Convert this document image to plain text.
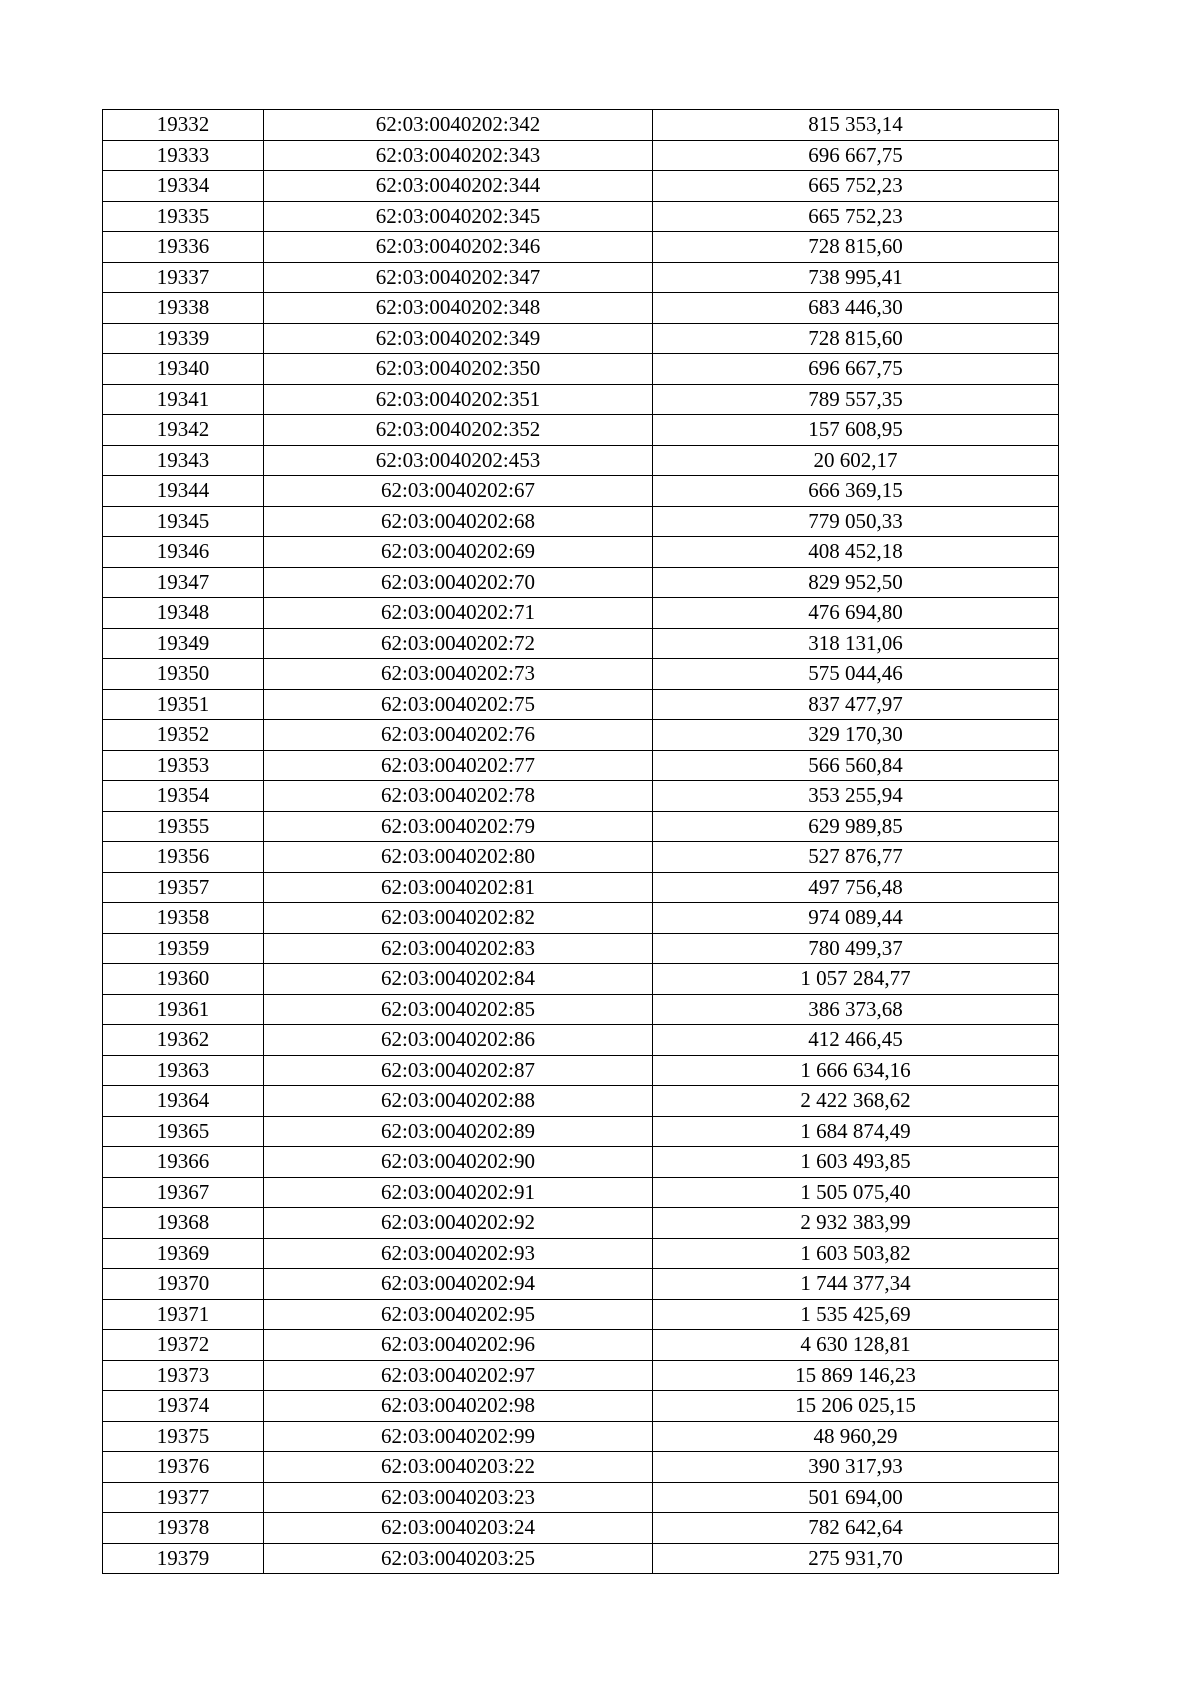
19332	62:03:0040202:342	815 353,14
19333	62:03:0040202:343	696 667,75
19334	62:03:0040202:344	665 752,23
19335	62:03:0040202:345	665 752,23
19336	62:03:0040202:346	728 815,60
19337	62:03:0040202:347	738 995,41
19338	62:03:0040202:348	683 446,30
19339	62:03:0040202:349	728 815,60
19340	62:03:0040202:350	696 667,75
19341	62:03:0040202:351	789 557,35
19342	62:03:0040202:352	157 608,95
19343	62:03:0040202:453	20 602,17
19344	62:03:0040202:67	666 369,15
19345	62:03:0040202:68	779 050,33
19346	62:03:0040202:69	408 452,18
19347	62:03:0040202:70	829 952,50
19348	62:03:0040202:71	476 694,80
19349	62:03:0040202:72	318 131,06
19350	62:03:0040202:73	575 044,46
19351	62:03:0040202:75	837 477,97
19352	62:03:0040202:76	329 170,30
19353	62:03:0040202:77	566 560,84
19354	62:03:0040202:78	353 255,94
19355	62:03:0040202:79	629 989,85
19356	62:03:0040202:80	527 876,77
19357	62:03:0040202:81	497 756,48
19358	62:03:0040202:82	974 089,44
19359	62:03:0040202:83	780 499,37
19360	62:03:0040202:84	1 057 284,77
19361	62:03:0040202:85	386 373,68
19362	62:03:0040202:86	412 466,45
19363	62:03:0040202:87	1 666 634,16
19364	62:03:0040202:88	2 422 368,62
19365	62:03:0040202:89	1 684 874,49
19366	62:03:0040202:90	1 603 493,85
19367	62:03:0040202:91	1 505 075,40
19368	62:03:0040202:92	2 932 383,99
19369	62:03:0040202:93	1 603 503,82
19370	62:03:0040202:94	1 744 377,34
19371	62:03:0040202:95	1 535 425,69
19372	62:03:0040202:96	4 630 128,81
19373	62:03:0040202:97	15 869 146,23
19374	62:03:0040202:98	15 206 025,15
19375	62:03:0040202:99	48 960,29
19376	62:03:0040203:22	390 317,93
19377	62:03:0040203:23	501 694,00
19378	62:03:0040203:24	782 642,64
19379	62:03:0040203:25	275 931,70
